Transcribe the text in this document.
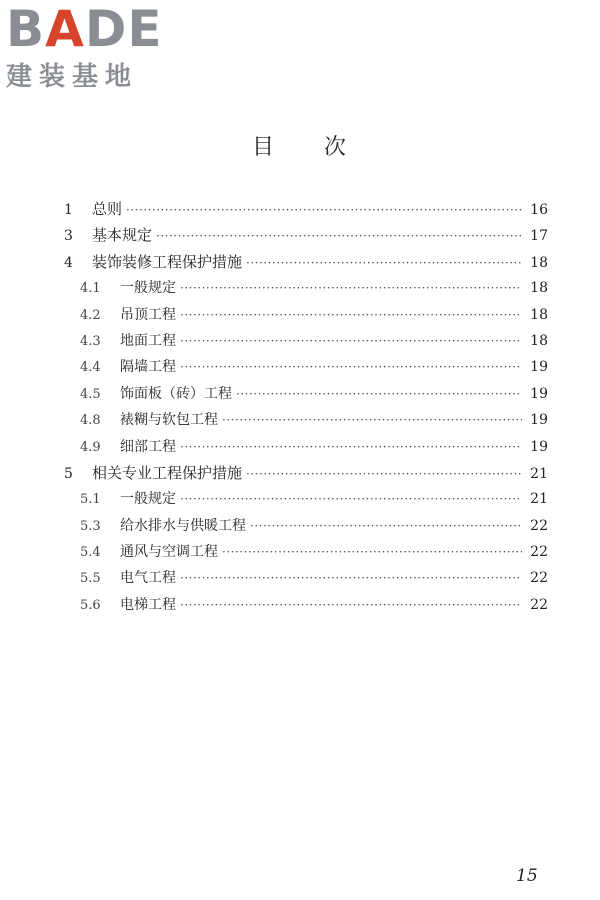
BADE
建装基地
目　　次
1	总则 ·····	16
3	基本规定 ·····	17
4	装饰装修工程保护措施 ·····	18
4.1	一般规定 ·····	18
4.2	吊顶工程 ·····	18
4.3	地面工程 ·····	18
4.4	隔墙工程 ·····	19
4.5	饰面板（砖）工程 ·····	19
4.8	裱糊与软包工程 ·····	19
4.9	细部工程 ·····	19
5	相关专业工程保护措施 ·····	21
5.1	一般规定 ·····	21
5.3	给水排水与供暖工程 ·····	22
5.4	通风与空调工程 ·····	22
5.5	电气工程 ·····	22
5.6	电梯工程 ·····	22
15
